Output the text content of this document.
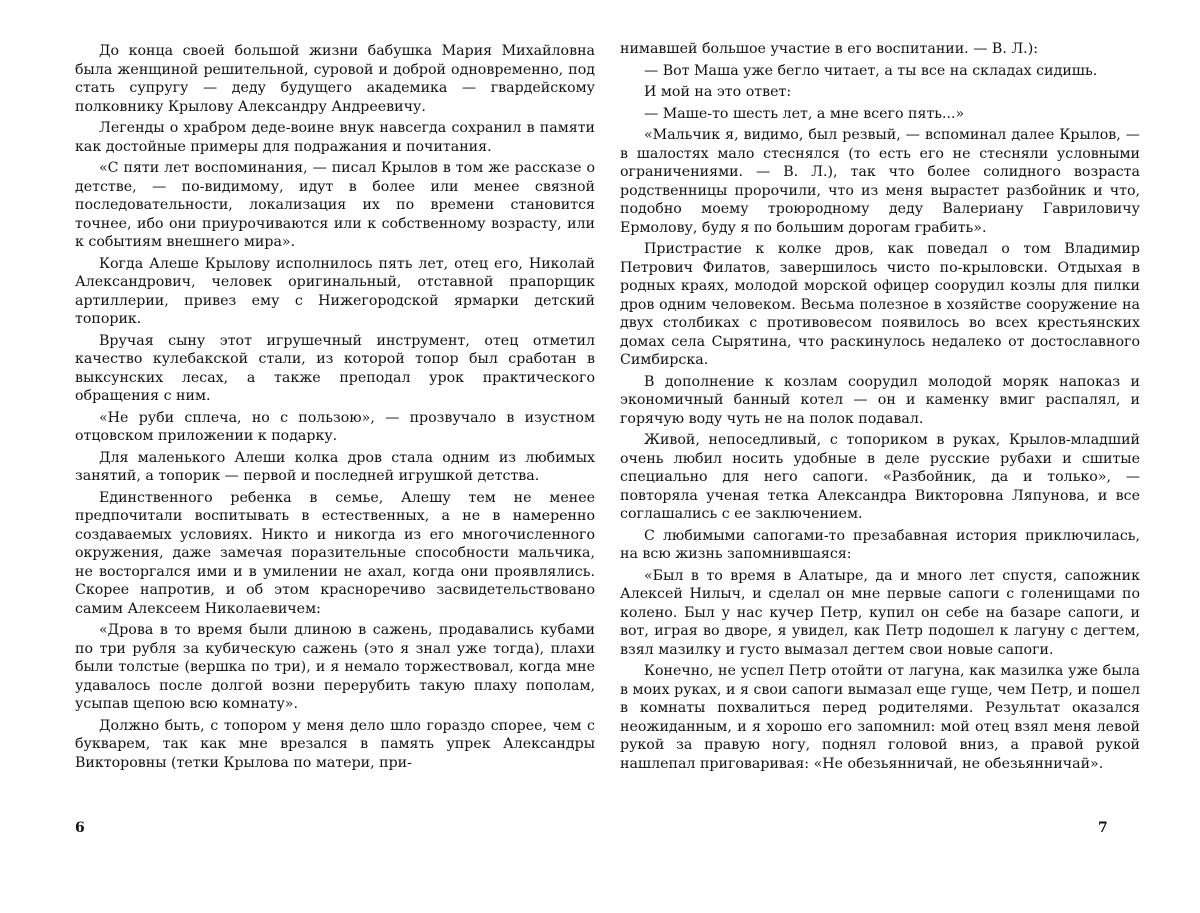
До конца своей большой жизни бабушка Мария Михайловна была женщиной решительной, суровой и доброй одновременно, под стать супругу — деду будущего академика — гвардейскому полковнику Крылову Александру Андреевичу.

Легенды о храбром деде-воине внук навсегда сохранил в памяти как достойные примеры для подражания и почитания.

«С пяти лет воспоминания, — писал Крылов в том же рассказе о детстве, — по-видимому, идут в более или менее связной последовательности, локализация их по времени становится точнее, ибо они приурочиваются или к собственному возрасту, или к событиям внешнего мира».

Когда Алеше Крылову исполнилось пять лет, отец его, Николай Александрович, человек оригинальный, отставной прапорщик артиллерии, привез ему с Нижегородской ярмарки детский топорик.

Вручая сыну этот игрушечный инструмент, отец отметил качество кулебакской стали, из которой топор был сработан в выксунских лесах, а также преподал урок практического обращения с ним.

«Не руби сплеча, но с пользою», — прозвучало в изустном отцовском приложении к подарку.

Для маленького Алеши колка дров стала одним из любимых занятий, а топорик — первой и последней игрушкой детства.

Единственного ребенка в семье, Алешу тем не менее предпочитали воспитывать в естественных, а не в намеренно создаваемых условиях. Никто и никогда из его многочисленного окружения, даже замечая поразительные способности мальчика, не восторгался ими и в умилении не ахал, когда они проявлялись. Скорее напротив, и об этом красноречиво засвидетельствовано самим Алексеем Николаевичем:

«Дрова в то время были длиною в сажень, продавались кубами по три рубля за кубическую сажень (это я знал уже тогда), плахи были толстые (вершка по три), и я немало торжествовал, когда мне удавалось после долгой возни перерубить такую плаху пополам, усыпав щепою всю комнату».

Должно быть, с топором у меня дело шло гораздо спорее, чем с букварем, так как мне врезался в память упрек Александры Викторовны (тетки Крылова по матери, при-

6

нимавшей большое участие в его воспитании. — В. Л.):

— Вот Маша уже бегло читает, а ты все на складах сидишь.

И мой на это ответ:

— Маше-то шесть лет, а мне всего пять...»

«Мальчик я, видимо, был резвый, — вспоминал далее Крылов, — в шалостях мало стеснялся (то есть его не стесняли условными ограничениями. — В. Л.), так что более солидного возраста родственницы пророчили, что из меня вырастет разбойник и что, подобно моему троюродному деду Валериану Гавриловичу Ермолову, буду я по большим дорогам грабить».

Пристрастие к колке дров, как поведал о том Владимир Петрович Филатов, завершилось чисто по-крыловски. Отдыхая в родных краях, молодой морской офицер соорудил козлы для пилки дров одним человеком. Весьма полезное в хозяйстве сооружение на двух столбиках с противовесом появилось во всех крестьянских домах села Сырятина, что раскинулось недалеко от достославного Симбирска.

В дополнение к козлам соорудил молодой моряк напоказ и экономичный банный котел — он и каменку вмиг распалял, и горячую воду чуть не на полок подавал.

Живой, непоседливый, с топориком в руках, Крылов-младший очень любил носить удобные в деле русские рубахи и сшитые специально для него сапоги. «Разбойник, да и только», — повторяла ученая тетка Александра Викторовна Ляпунова, и все соглашались с ее заключением.

С любимыми сапогами-то презабавная история приключилась, на всю жизнь запомнившаяся:

«Был в то время в Алатыре, да и много лет спустя, сапожник Алексей Нилыч, и сделал он мне первые сапоги с голенищами по колено. Был у нас кучер Петр, купил он себе на базаре сапоги, и вот, играя во дворе, я увидел, как Петр подошел к лагуну с дегтем, взял мазилку и густо вымазал дегтем свои новые сапоги.

Конечно, не успел Петр отойти от лагуна, как мазилка уже была в моих руках, и я свои сапоги вымазал еще гуще, чем Петр, и пошел в комнаты похвалиться перед родителями. Результат оказался неожиданным, и я хорошо его запомнил: мой отец взял меня левой рукой за правую ногу, поднял головой вниз, а правой рукой нашлепал приговаривая: «Не обезьянничай, не обезьянничай».

7
